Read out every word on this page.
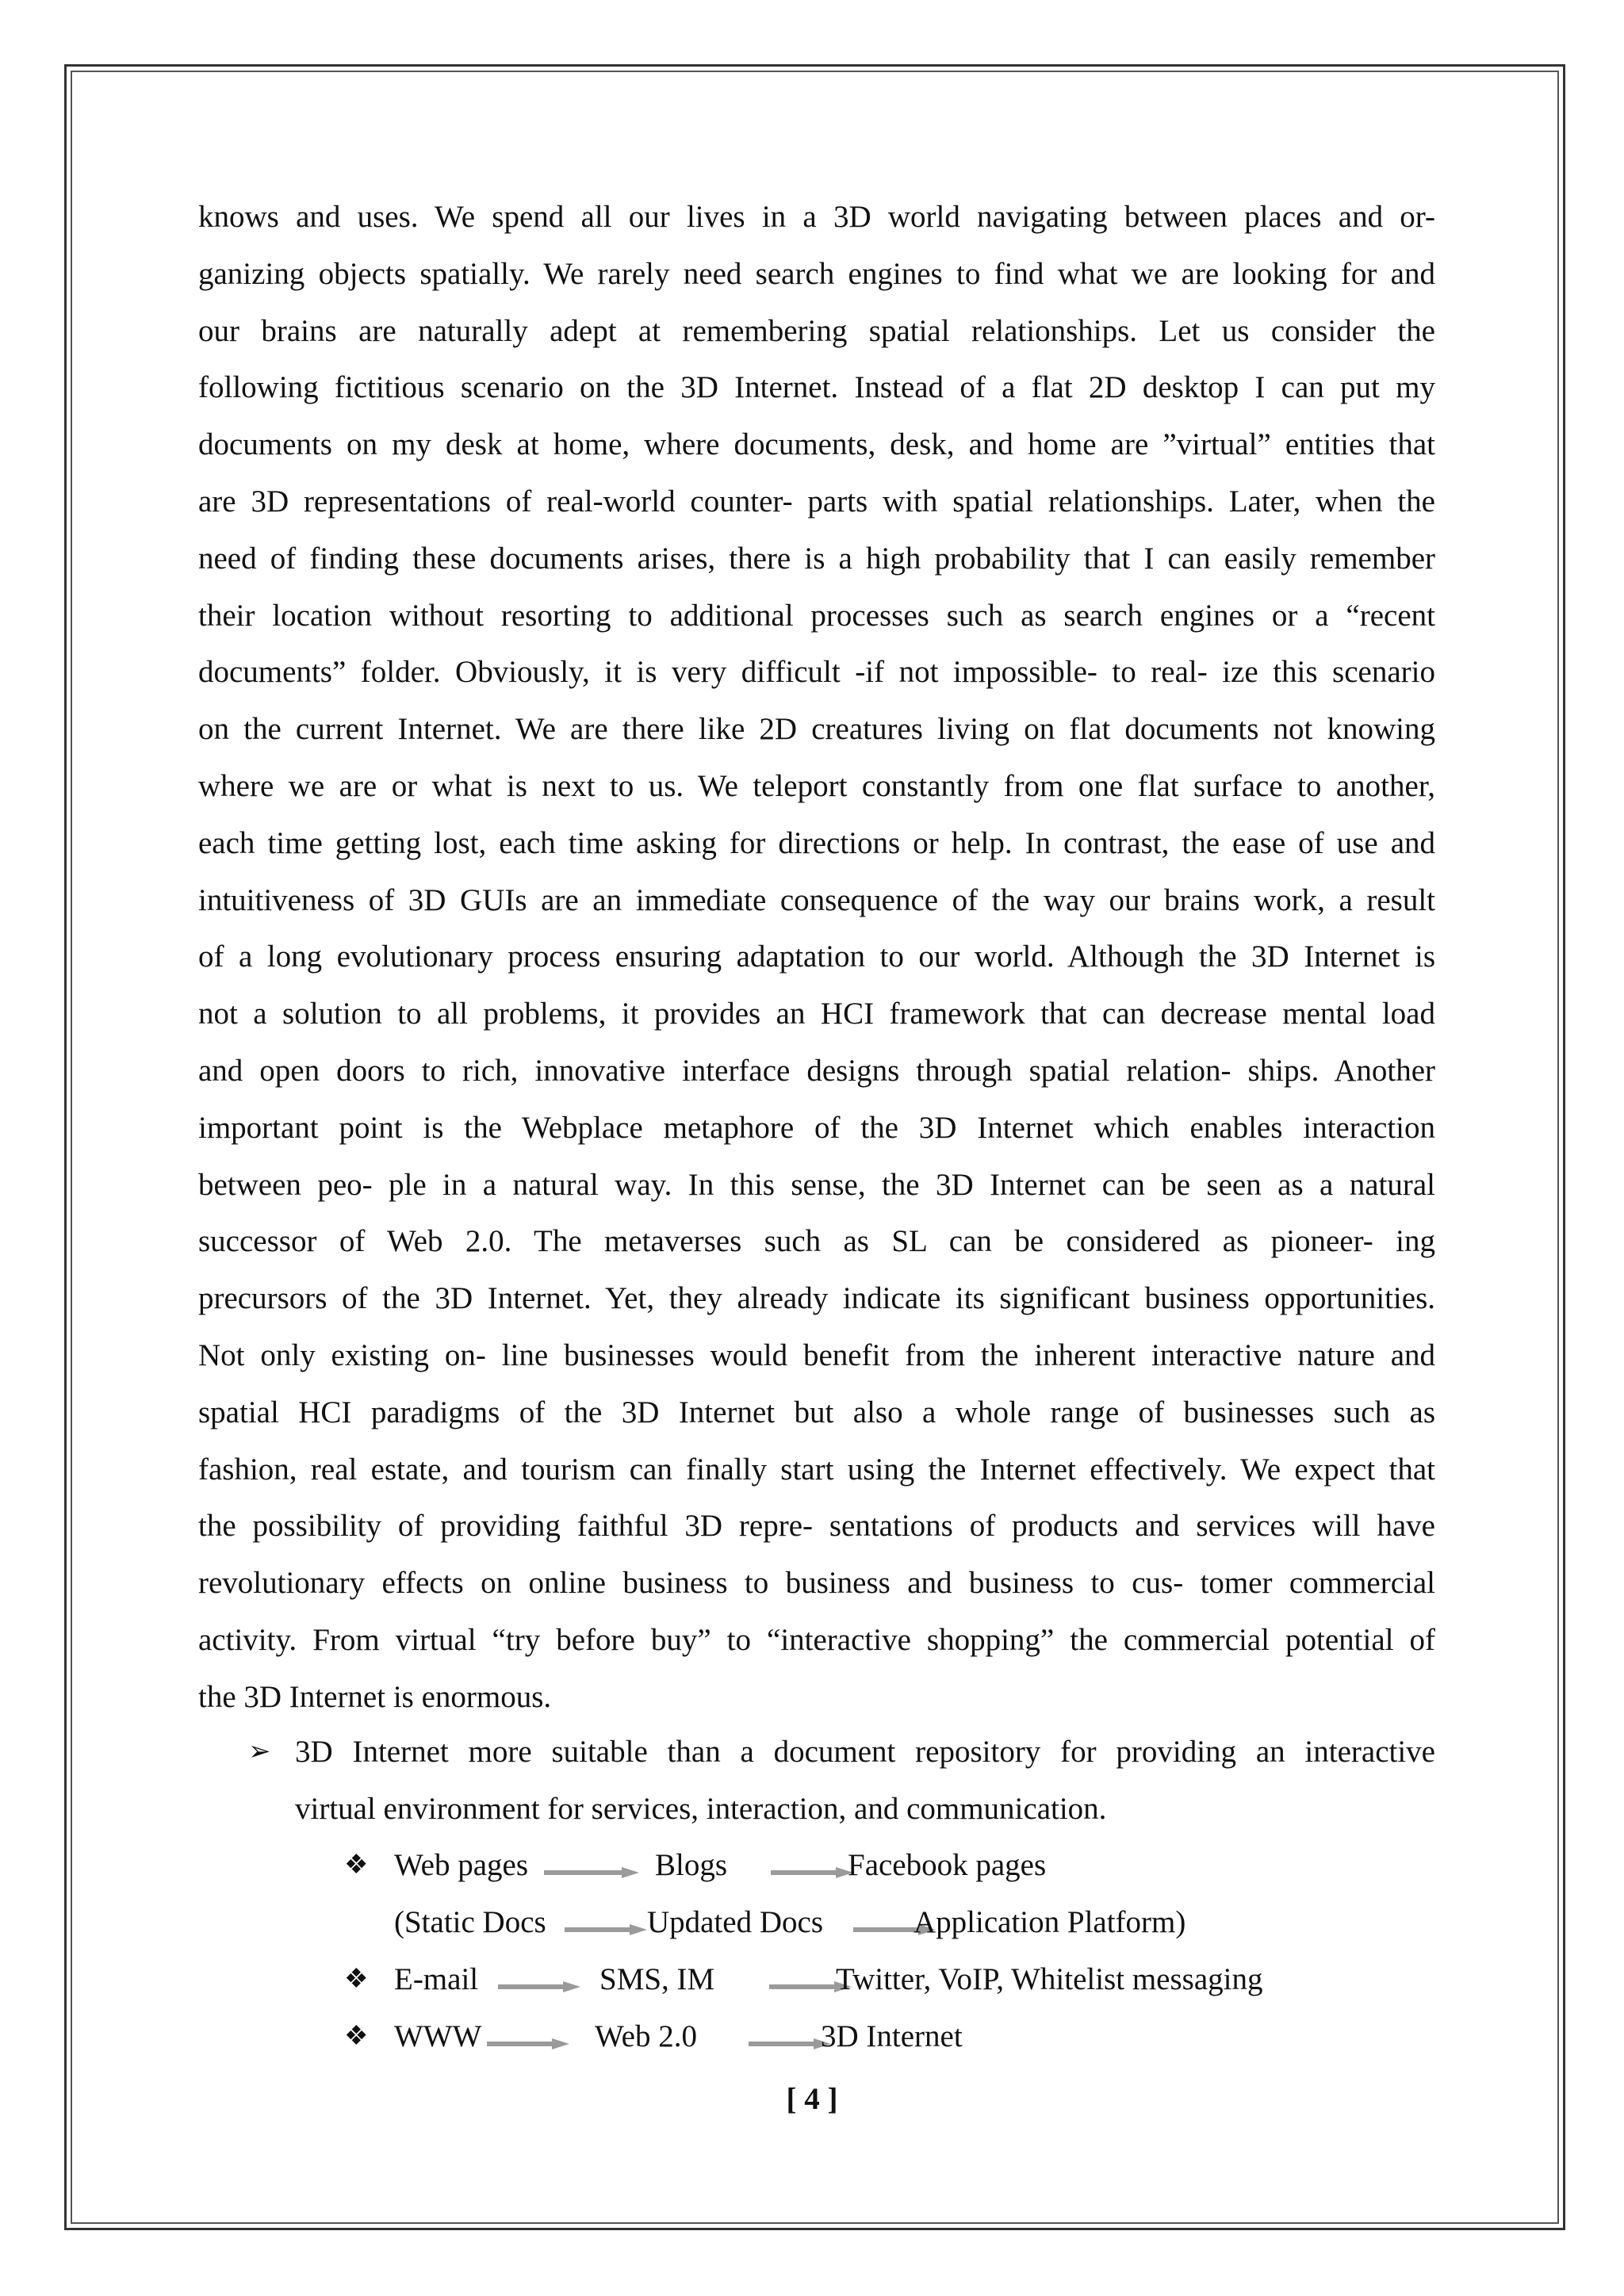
knows and uses. We spend all our lives in a 3D world navigating between places and or-
ganizing objects spatially. We rarely need search engines to find what we are looking for and
our brains are naturally adept at remembering spatial relationships. Let us consider the
following fictitious scenario on the 3D Internet. Instead of a flat 2D desktop I can put my
documents on my desk at home, where documents, desk, and home are ”virtual” entities that
are 3D representations of real-world counter- parts with spatial relationships. Later, when the
need of finding these documents arises, there is a high probability that I can easily remember
their location without resorting to additional processes such as search engines or a “recent
documents” folder. Obviously, it is very difficult -if not impossible- to real- ize this scenario
on the current Internet. We are there like 2D creatures living on flat documents not knowing
where we are or what is next to us. We teleport constantly from one flat surface to another,
each time getting lost, each time asking for directions or help. In contrast, the ease of use and
intuitiveness of 3D GUIs are an immediate consequence of the way our brains work, a result
of a long evolutionary process ensuring adaptation to our world. Although the 3D Internet is
not a solution to all problems, it provides an HCI framework that can decrease mental load
and open doors to rich, innovative interface designs through spatial relation- ships. Another
important point is the Webplace metaphore of the 3D Internet which enables interaction
between peo- ple in a natural way. In this sense, the 3D Internet can be seen as a natural
successor of Web 2.0. The metaverses such as SL can be considered as pioneer- ing
precursors of the 3D Internet. Yet, they already indicate its significant business opportunities.
Not only existing on- line businesses would benefit from the inherent interactive nature and
spatial HCI paradigms of the 3D Internet but also a whole range of businesses such as
fashion, real estate, and tourism can finally start using the Internet effectively. We expect that
the possibility of providing faithful 3D repre- sentations of products and services will have
revolutionary effects on online business to business and business to cus- tomer commercial
activity. From virtual “try before buy” to “interactive shopping” the commercial potential of
the 3D Internet is enormous.

➢ 3D Internet more suitable than a document repository for providing an interactive
virtual environment for services, interaction, and communication.
❖ Web pages	Blogs	Facebook pages
(Static Docs	Updated Docs	Application Platform)
❖ E-mail	SMS, IM	Twitter, VoIP, Whitelist messaging
❖ WWW	Web 2.0	3D Internet
[ 4 ]
